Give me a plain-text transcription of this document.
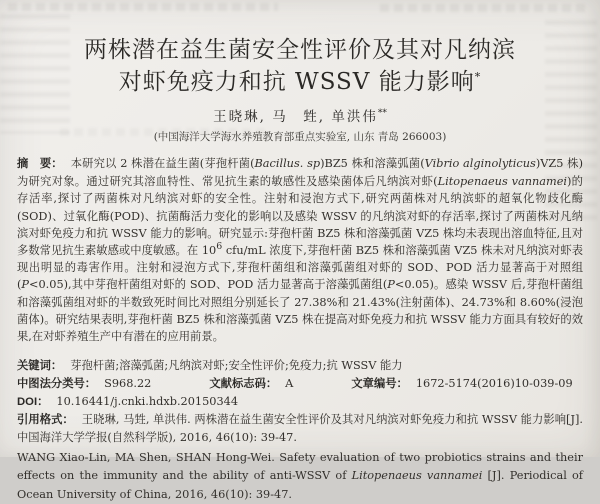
两株潜在益生菌安全性评价及其对凡纳滨
对虾免疫力和抗 WSSV 能力影响*
王晓琳, 马　甡, 单洪伟**
(中国海洋大学海水养殖教育部重点实验室, 山东 青岛 266003)

摘　要： 本研究以 2 株潜在益生菌(芽孢杆菌(Bacillus. sp)BZ5 株和溶藻弧菌(Vibrio alginolyticus)VZ5 株)为研究对象。通过研究其溶血特性、常见抗生素的敏感性及感染菌体后凡纳滨对虾(Litopenaeus vannamei)的存活率,探讨了两菌株对凡纳滨对虾的安全性。注射和浸泡方式下,研究两菌株对凡纳滨虾的超氧化物歧化酶(SOD)、过氧化酶(POD)、抗菌酶活力变化的影响以及感染 WSSV 的凡纳滨对虾的存活率,探讨了两菌株对凡纳滨对虾免疫力和抗 WSSV 能力的影响。研究显示:芽孢杆菌 BZ5 株和溶藻弧菌 VZ5 株均未表现出溶血特征,且对多数常见抗生素敏感或中度敏感。在 $10^6$ cfu/mL 浓度下,芽孢杆菌 BZ5 株和溶藻弧菌 VZ5 株未对凡纳滨对虾表现出明显的毒害作用。注射和浸泡方式下,芽孢杆菌组和溶藻弧菌组对虾的 SOD、POD 活力显著高于对照组(P<0.05),其中芽孢杆菌组对虾的 SOD、POD 活力显著高于溶藻弧菌组(P<0.05)。感染 WSSV 后,芽孢杆菌组和溶藻弧菌组对虾的半数致死时间比对照组分别延长了 27.38%和 21.43%(注射菌体)、24.73%和 8.60%(浸泡菌体)。研究结果表明,芽孢杆菌 BZ5 株和溶藻弧菌 VZ5 株在提高对虾免疫力和抗 WSSV 能力方面具有较好的效果,在对虾养殖生产中有潜在的应用前景。

关键词： 芽孢杆菌;溶藻弧菌;凡纳滨对虾;安全性评价;免疫力;抗 WSSV 能力
中图法分类号： S968.22	文献标志码： A	文章编号： 1672-5174(2016)10-039-09
DOI： 10.16441/j.cnki.hdxb.20150344
引用格式： 王晓琳, 马甡, 单洪伟. 两株潜在益生菌安全性评价及其对凡纳滨对虾免疫力和抗 WSSV 能力影响[J]. 中国海洋大学学报(自然科学版), 2016, 46(10): 39-47.
WANG Xiao-Lin, MA Shen, SHAN Hong-Wei. Safety evaluation of two probiotics strains and their effects on the immunity and the ability of anti-WSSV of Litopenaeus vannamei [J]. Periodical of Ocean University of China, 2016, 46(10): 39-47.
